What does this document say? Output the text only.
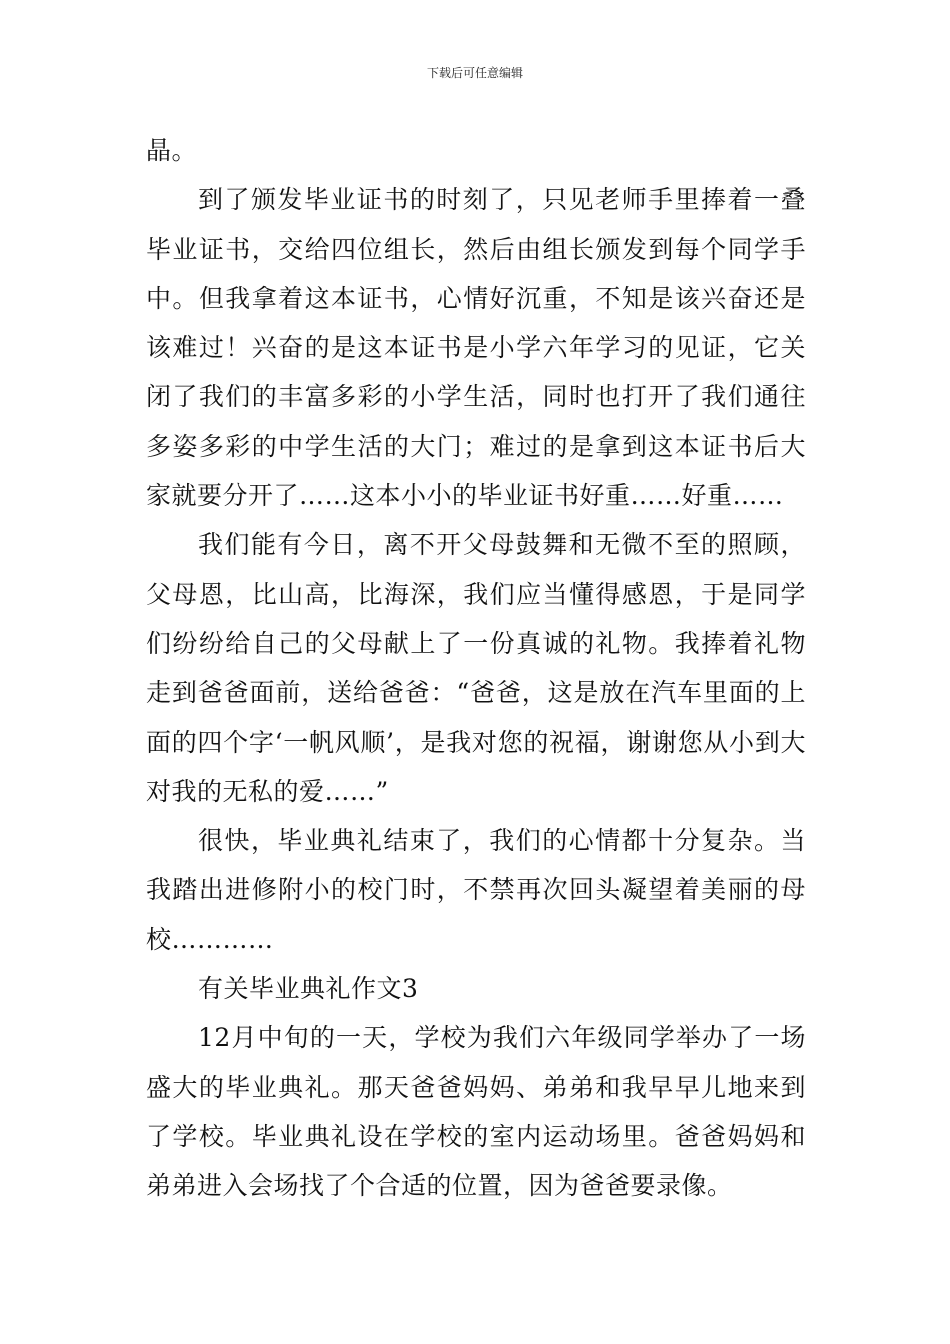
下载后可任意编辑

晶。

到了颁发毕业证书的时刻了，只见老师手里捧着一叠毕业证书，交给四位组长，然后由组长颁发到每个同学手中。但我拿着这本证书，心情好沉重，不知是该兴奋还是该难过！兴奋的是这本证书是小学六年学习的见证，它关闭了我们的丰富多彩的小学生活，同时也打开了我们通往多姿多彩的中学生活的大门；难过的是拿到这本证书后大家就要分开了……这本小小的毕业证书好重……好重……

我们能有今日，离不开父母鼓舞和无微不至的照顾，父母恩，比山高，比海深，我们应当懂得感恩，于是同学们纷纷给自己的父母献上了一份真诚的礼物。我捧着礼物走到爸爸面前，送给爸爸：“爸爸，这是放在汽车里面的上面的四个字‘一帆风顺’，是我对您的祝福，谢谢您从小到大对我的无私的爱……”

很快，毕业典礼结束了，我们的心情都十分复杂。当我踏出进修附小的校门时，不禁再次回头凝望着美丽的母校…………

有关毕业典礼作文3

12月中旬的一天，学校为我们六年级同学举办了一场盛大的毕业典礼。那天爸爸妈妈、弟弟和我早早儿地来到了学校。毕业典礼设在学校的室内运动场里。爸爸妈妈和弟弟进入会场找了个合适的位置，因为爸爸要录像。
